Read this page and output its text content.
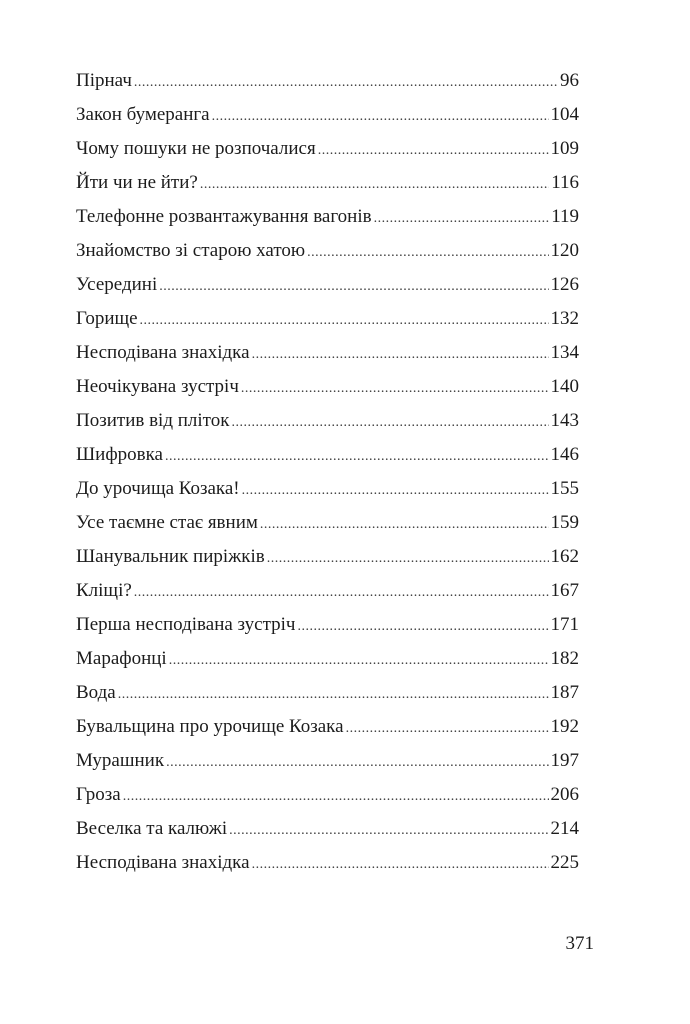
Пірнач .....	96
Закон бумеранга .....	104
Чому пошуки не розпочалися .....	109
Йти чи не йти? .....	116
Телефонне розвантажування вагонів .....	119
Знайомство зі старою хатою .....	120
Усередині .....	126
Горище .....	132
Несподівана знахідка .....	134
Неочікувана зустріч .....	140
Позитив від пліток .....	143
Шифровка .....	146
До урочища Козака! .....	155
Усе таємне стає явним .....	159
Шанувальник пиріжків .....	162
Кліщі? .....	167
Перша несподівана зустріч .....	171
Марафонці .....	182
Вода .....	187
Бувальщина про урочище Козака .....	192
Мурашник .....	197
Гроза .....	206
Веселка та калюжі .....	214
Несподівана знахідка .....	225
371
